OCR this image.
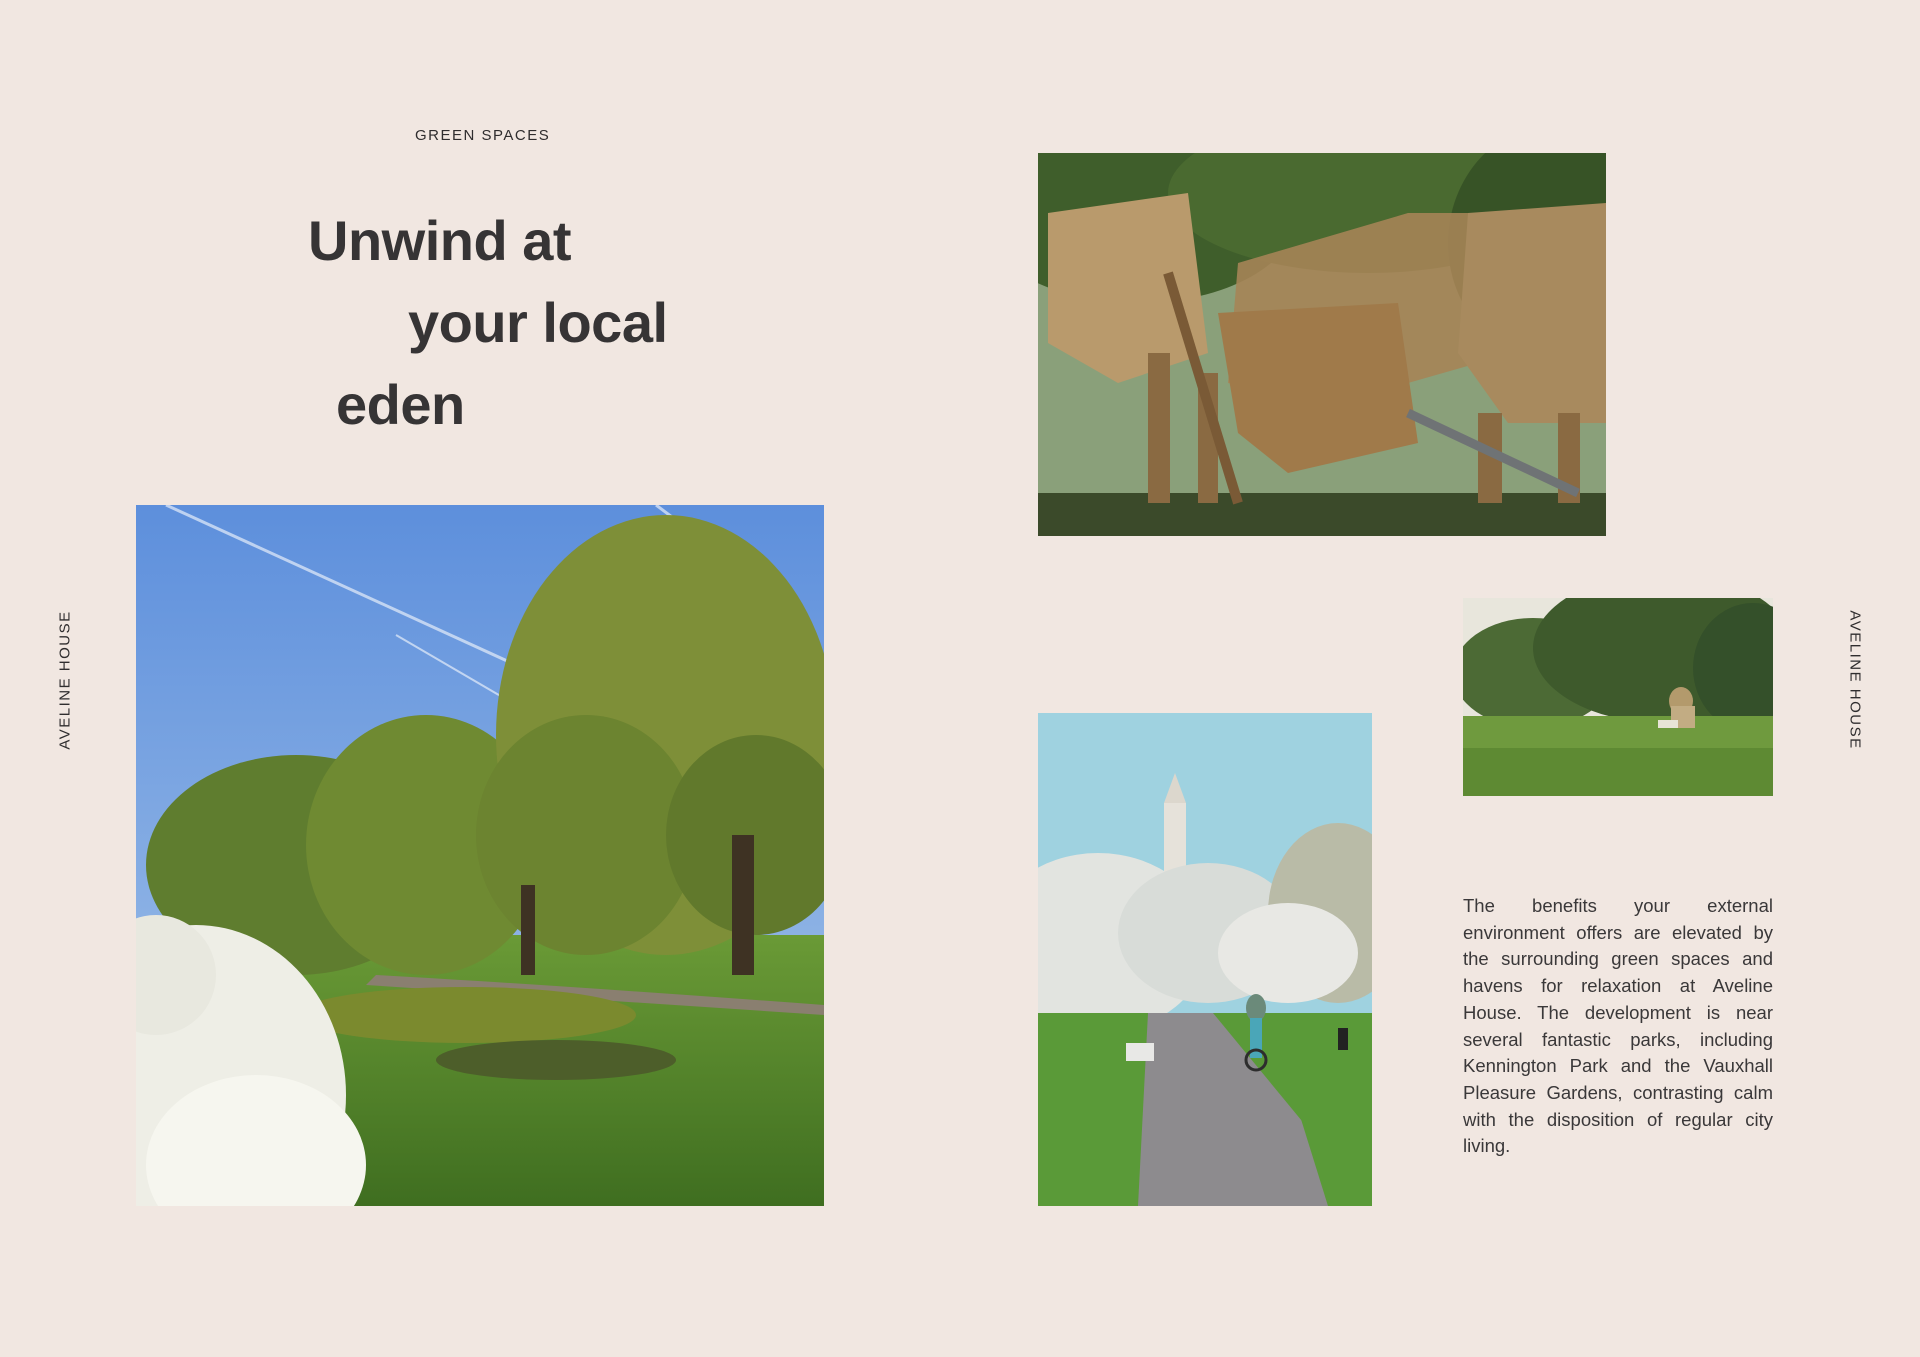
GREEN SPACES
Unwind at
your local
eden
AVELINE HOUSE	AVELINE HOUSE
The benefits your external environment offers are elevated by the surrounding green spaces and havens for relaxation at Aveline House. The development is near several fantastic parks, including Kennington Park and the Vauxhall Pleasure Gardens, contrasting calm with the disposition of regular city living.
